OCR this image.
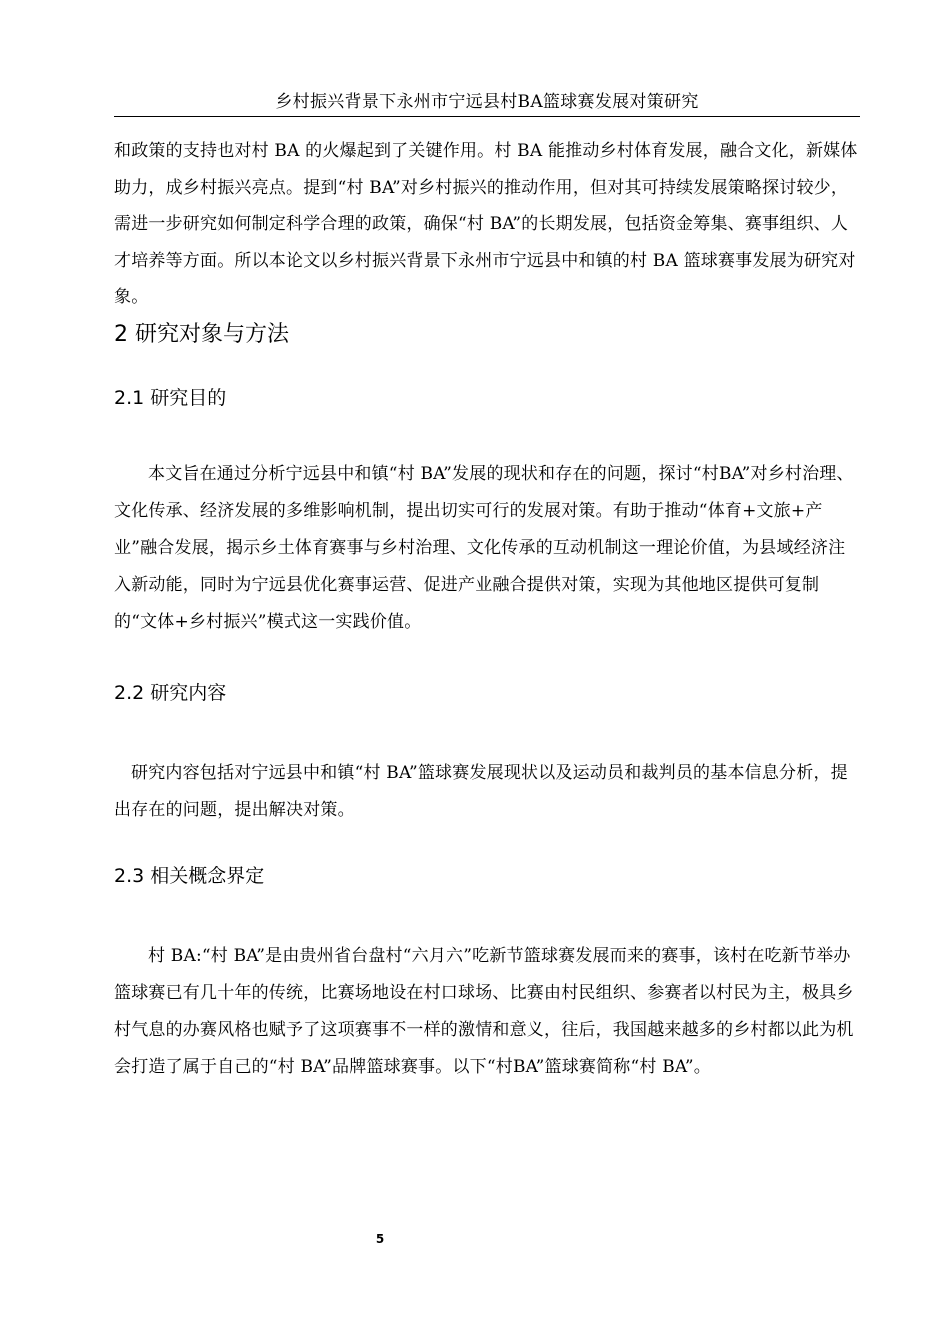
乡村振兴背景下永州市宁远县村BA篮球赛发展对策研究

和政策的支持也对村 BA 的火爆起到了关键作用。村 BA 能推动乡村体育发展，融合文化，新媒体助力，成乡村振兴亮点。提到“村 BA”对乡村振兴的推动作用，但对其可持续发展策略探讨较少，需进一步研究如何制定科学合理的政策，确保“村 BA”的长期发展，包括资金筹集、赛事组织、人才培养等方面。所以本论文以乡村振兴背景下永州市宁远县中和镇的村 BA 篮球赛事发展为研究对象。

2 研究对象与方法
2.1 研究目的

本文旨在通过分析宁远县中和镇“村 BA”发展的现状和存在的问题，探讨“村BA”对乡村治理、文化传承、经济发展的多维影响机制，提出切实可行的发展对策。有助于推动“体育+文旅+产业”融合发展，揭示乡土体育赛事与乡村治理、文化传承的互动机制这一理论价值，为县域经济注入新动能，同时为宁远县优化赛事运营、促进产业融合提供对策，实现为其他地区提供可复制的“文体+乡村振兴”模式这一实践价值。

2.2 研究内容

研究内容包括对宁远县中和镇“村 BA”篮球赛发展现状以及运动员和裁判员的基本信息分析，提出存在的问题，提出解决对策。

2.3 相关概念界定

村 BA:“村 BA”是由贵州省台盘村“六月六”吃新节篮球赛发展而来的赛事，该村在吃新节举办篮球赛已有几十年的传统，比赛场地设在村口球场、比赛由村民组织、参赛者以村民为主，极具乡村气息的办赛风格也赋予了这项赛事不一样的激情和意义，往后，我国越来越多的乡村都以此为机会打造了属于自己的“村 BA”品牌篮球赛事。以下“村BA”篮球赛简称“村 BA”。

5
